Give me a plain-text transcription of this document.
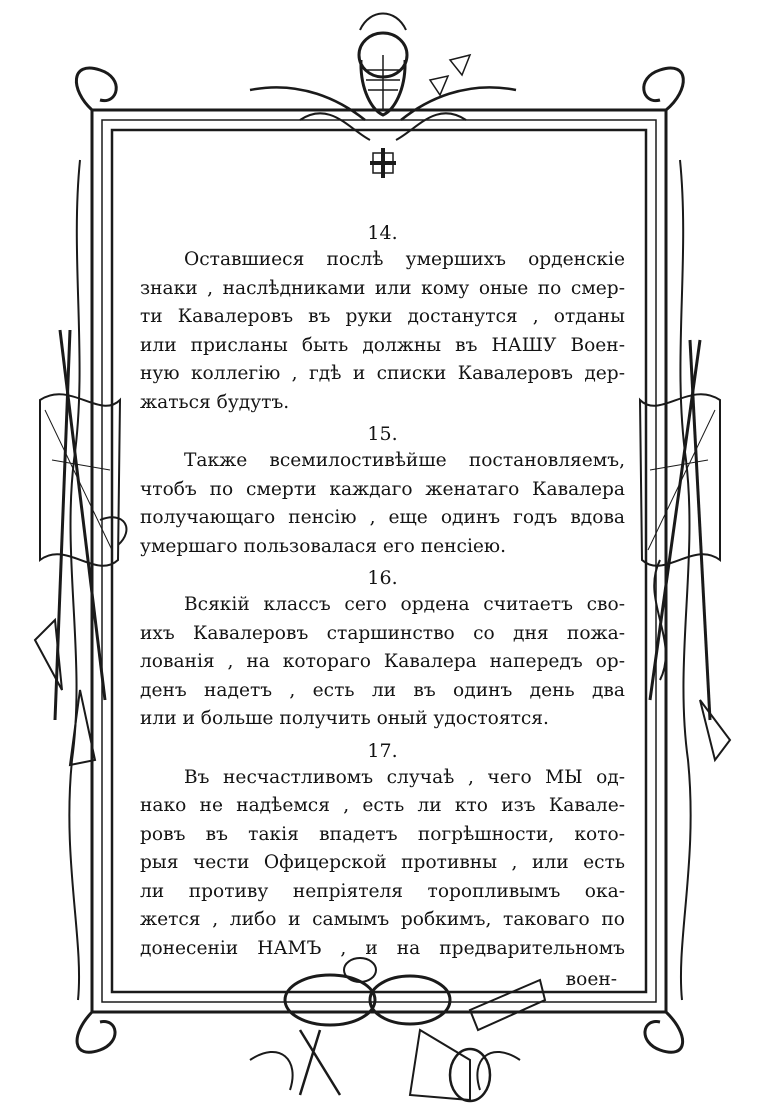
14.

Оставшиеся послѣ умершихъ орденскiе
знаки , наслѣдниками или кому оные по смер-
ти Кавалеровъ въ руки достанутся , отданы
или присланы быть должны въ НАШУ Воен-
ную коллегiю , гдѣ и списки Кавалеровъ дер-
жаться будутъ.

15.

Также всемилостивѣйше постановляемъ,
чтобъ по смерти каждаго женатаго Кавалера
получающаго пенсiю , еще одинъ годъ вдова
умершаго пользовалася его пенсiею.

16.

Всякiй классъ сего ордена считаетъ сво-
ихъ Кавалеровъ старшинство со дня пожа-
лованiя , на котораго Кавалера напередъ ор-
денъ надетъ , есть ли въ одинъ день два
или и больше получить оный удостоятся.

17.

Въ несчастливомъ случаѣ , чего МЫ од-
нако не надѣемся , есть ли кто изъ Кавале-
ровъ въ такiя впадетъ погрѣшности, кото-
рыя чести Офицерской противны , или есть
ли противу непрiятеля торопливымъ ока-
жется , либо и самымъ робкимъ, таковаго по
донесенiи НАМЪ , и на предварительномъ
воен-
